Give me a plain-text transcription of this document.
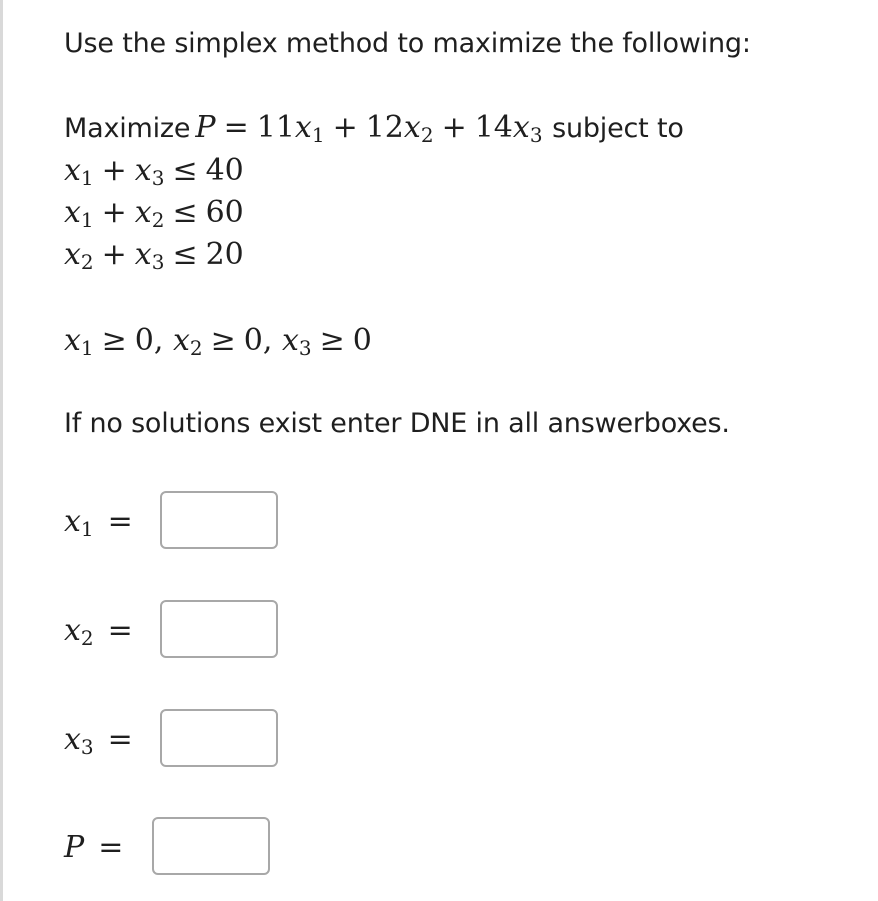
Use the simplex method to maximize the following:
Maximize $P = 11x_1 + 12x_2 + 14x_3$ subject to
$x_1 + x_3 \le 40$
$x_1 + x_2 \le 60$
$x_2 + x_3 \le 20$
$x_1 \ge 0$, $x_2 \ge 0$, $x_3 \ge 0$
If no solutions exist enter DNE in all answerboxes.
$x_1$ =
$x_2$ =
$x_3$ =
P =
